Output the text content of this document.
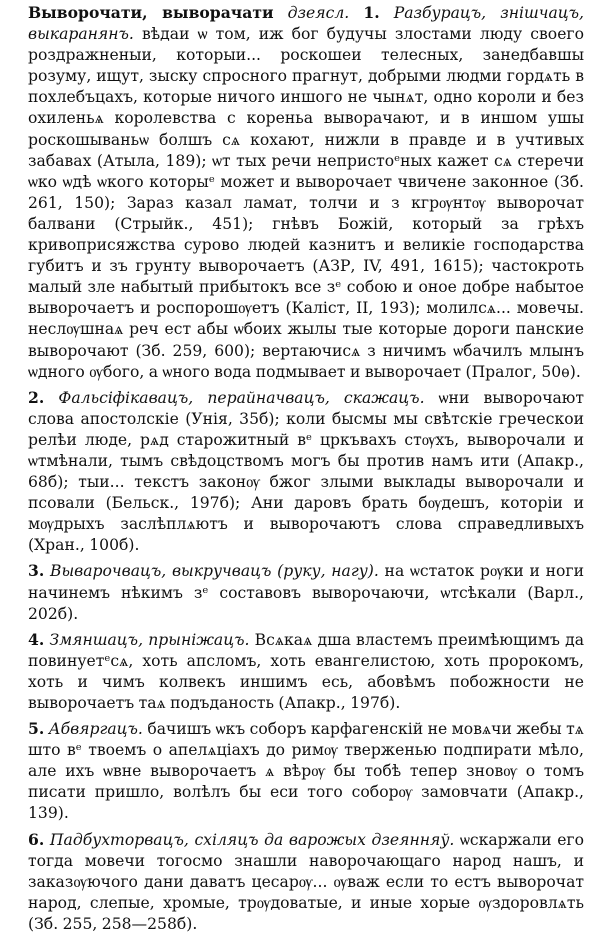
Выворочати, выворачати дзеясл. 1. Разбурацъ, знішчацъ, выкаранянъ. вѣдаи ѡ том, иж бог будучы злостами люду своего роздражненыи, которыи... роскошеи телесных, занедбавшы розуму, ищут, зыску спросного прагнут, добрыми людми гордѧть в похлебъцахъ, которые ничого иншого не чынѧт, одно короли и без охиленьѧ королевства с кореньа выворачают, и в иншом ушы роскошываньѡ болшъ сѧ кохают, нижли в правде и в учтивых забавах (Атыла, 189); ѡт тых речи непристоᵉных кажет сѧ стеречи ѡко ѡдѣ ѡкого которыᵉ может и выворочает чвичене законное (Зб. 261, 150); Зараз казал ламат, толчи и з кгрѹнтѹ выворочат балвани (Стрыйк., 451); гнѣвъ Божій, который за грѣхъ кривоприсяжства сурово людей казнитъ и великіе господарства губитъ и зъ грунту выворочаетъ (АЗР, IV, 491, 1615); частокроть малый зле набытый прибытокъ все зᵉ собою и оное добре набытое выворочаетъ и роспорошѹетъ (Каліст, II, 193); молилсѧ... мовечы. неслѹшнаѧ реч ест абы ѡбоих жылы тые которые дороги панские выворочают (Зб. 259, 600); вертаючисѧ з ничимъ ѡбачилъ млынъ ѡдного ѹбого, а ѡного вода подмывает и выворочает (Пралог, 50ѳ).

2. Фальсіфікавацъ, перайначвацъ, скажацъ. ѡни выворочают слова апостолскіе (Унія, 35б); коли бысмы мы свѣтскіе греческои релѣи люде, рѧд старожитный вᵉ цркъвахъ стѹхъ, выворочали и ѡтмѣнали, тымъ свѣдоцствомъ могъ бы против намъ ити (Апакр., 68б); тыи... текстъ законѹ бжог злыми выклады выворочали и псовали (Бельск., 197б); Ани даровъ брать бѹдешъ, которіи и мѹдрыхъ заслѣплѧютъ и выворочаютъ слова справедливыхъ (Хран., 100б).

3. Выварочвацъ, выкручвацъ (руку, нагу). на ѡстаток рѹки и ноги начинемъ нѣкимъ зᵉ составовъ выворочаючи, ѡтсѣкали (Варл., 202б).

4. Змяншацъ, прыніжацъ. Всѧкаѧ дша властемъ преимѣющимъ да повинуетᵉсѧ, хоть апсломъ, хоть евангелистою, хоть пророкомъ, хоть и чимъ колвекъ иншимъ есь, абовѣмъ побожности не выворочаетъ таѧ подъданость (Апакр., 197б).

5. Абвяргацъ. бачишъ ѡкъ соборъ карфагенскій не мовѧчи жебы тѧ што вᵉ твоемъ о апелѧціахъ до римѹ тверженью подпирати мѣло, але ихъ ѡвне выворочаетъ ѧ вѣрѹ бы тобѣ тепер зновѹ о томъ писати пришло, волѣлъ бы еси того соборѹ замовчати (Апакр., 139).

6. Падбухторвацъ, схіляцъ да варожых дзеянняў. ѡскаржали его тогда мовечи тогосмо знашли наворочающаго народ нашъ, и заказѹючого дани даватъ цесарѹ... ѹваж если то естъ выворочат народ, слепые, хромые, трѹдоватые, и иные хорые ѹздоровлѧть (Зб. 255, 258—258б).
